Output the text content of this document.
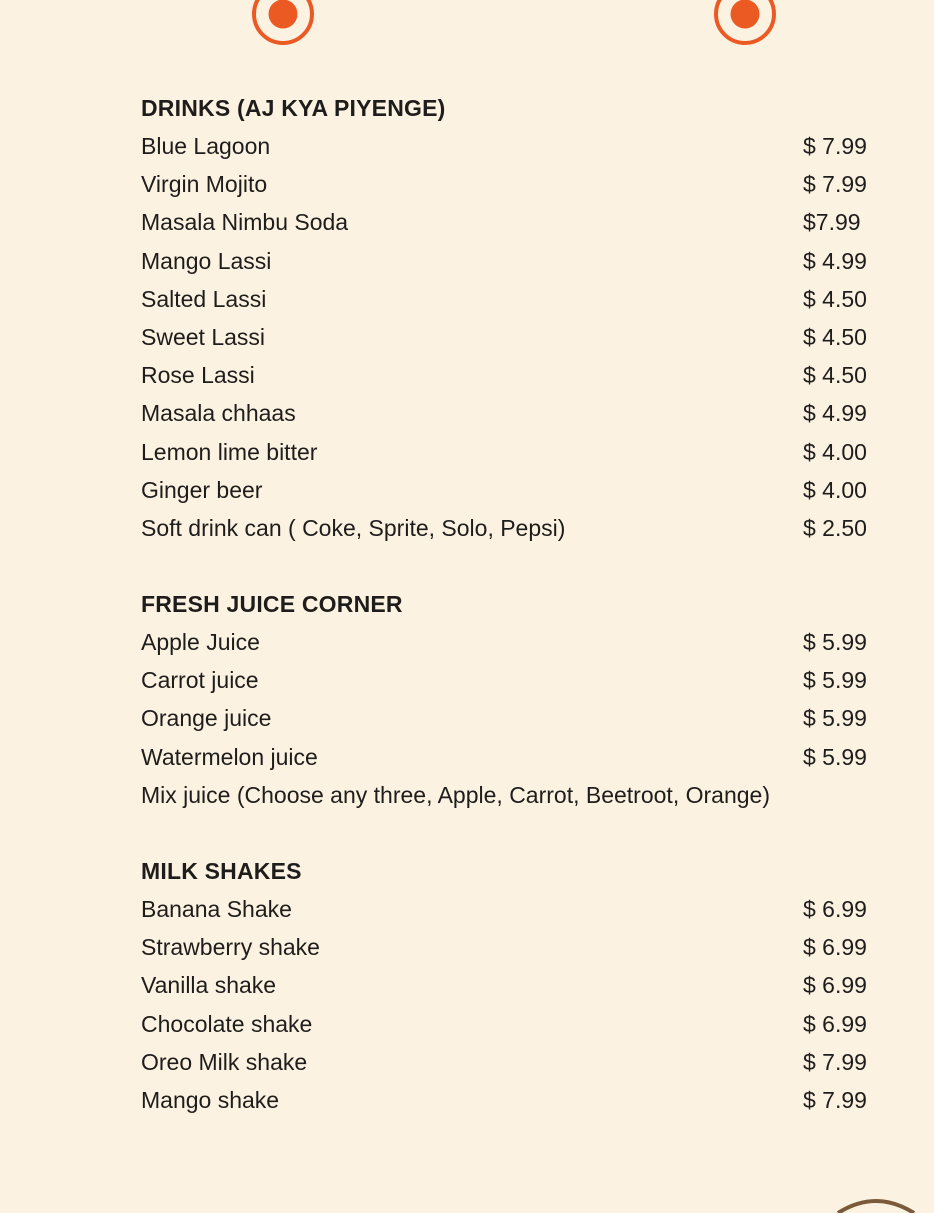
DRINKS (AJ KYA PIYENGE)
Blue Lagoon	$ 7.99
Virgin Mojito	$ 7.99
Masala Nimbu Soda	$7.99
Mango Lassi	$ 4.99
Salted Lassi	$ 4.50
Sweet Lassi	$ 4.50
Rose Lassi	$ 4.50
Masala chhaas	$ 4.99
Lemon lime bitter	$ 4.00
Ginger beer	$ 4.00
Soft drink can ( Coke, Sprite, Solo, Pepsi)	$ 2.50
FRESH JUICE CORNER
Apple Juice	$ 5.99
Carrot juice	$ 5.99
Orange juice	$ 5.99
Watermelon juice	$ 5.99
Mix juice (Choose any three, Apple, Carrot, Beetroot, Orange)
MILK SHAKES
Banana Shake	$ 6.99
Strawberry shake	$ 6.99
Vanilla shake	$ 6.99
Chocolate shake	$ 6.99
Oreo Milk shake	$ 7.99
Mango shake	$ 7.99
